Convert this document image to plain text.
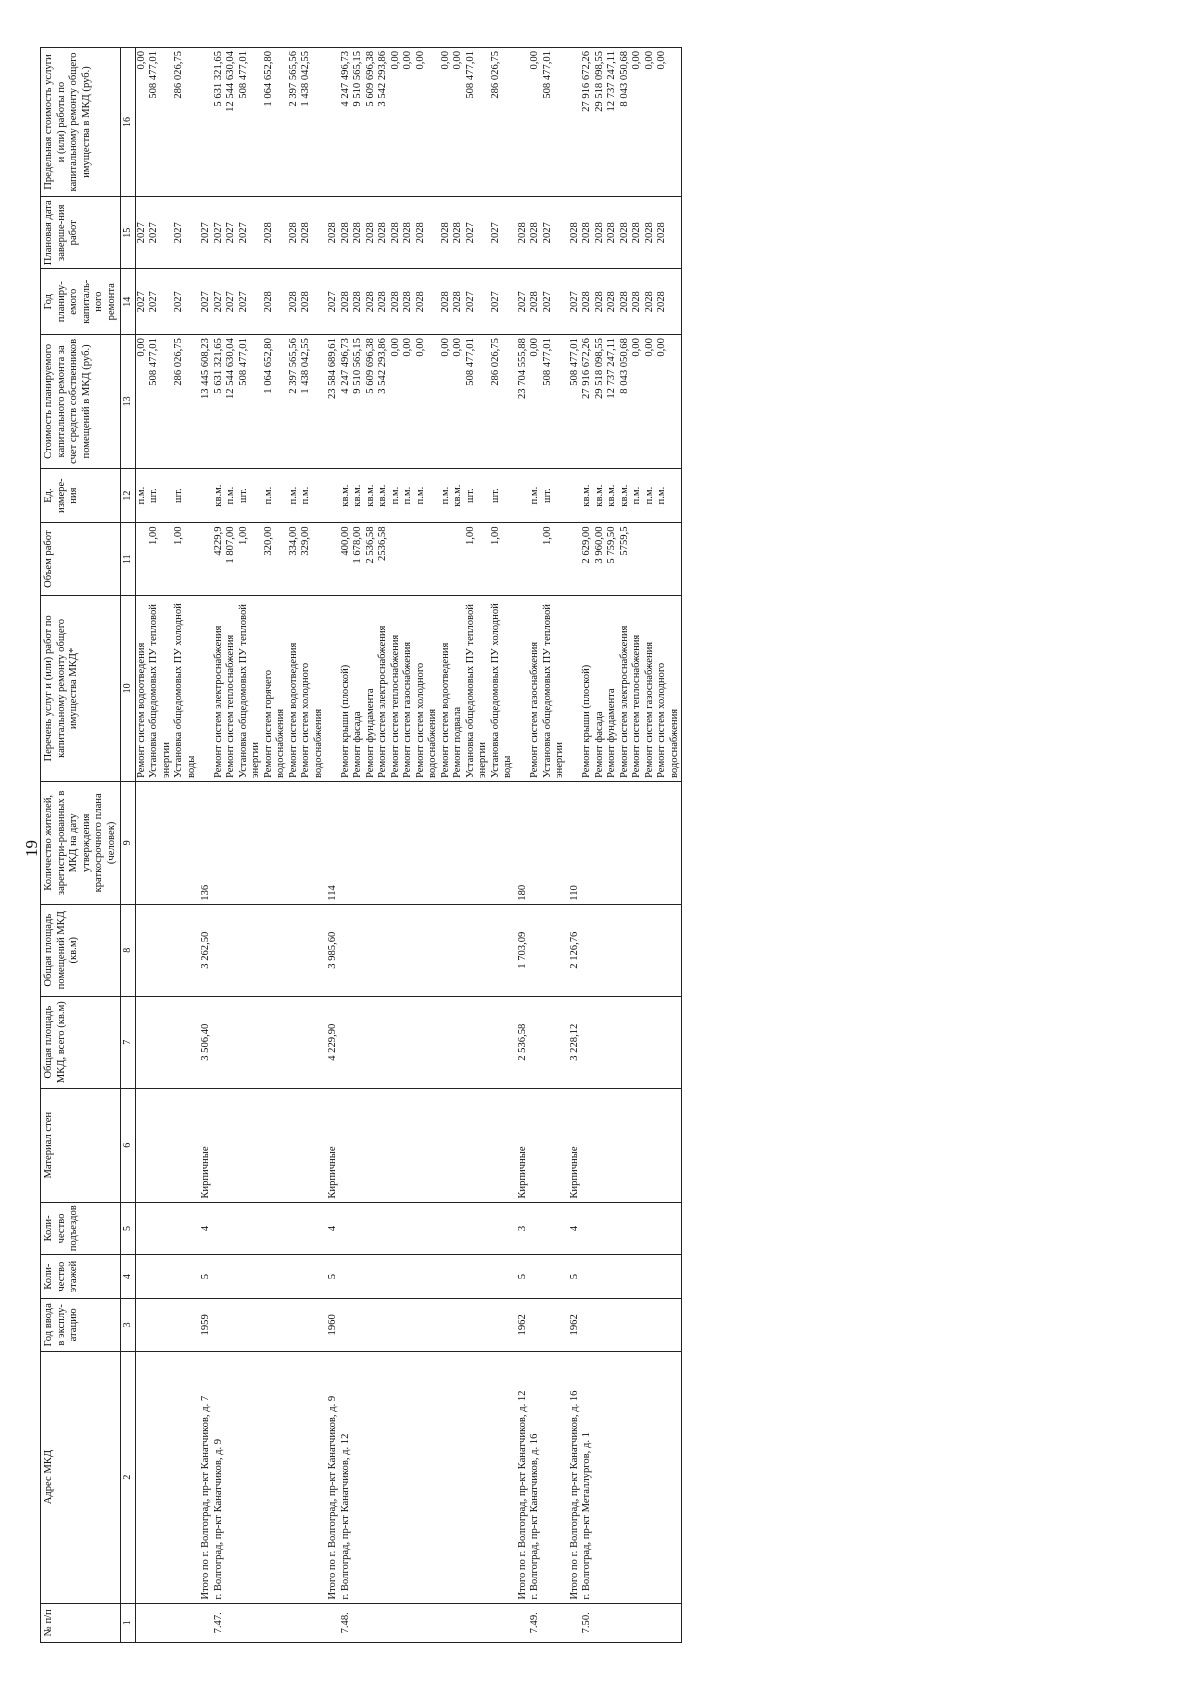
19
№ п/п	Адрес МКД	Год ввода в эксплу-атацию	Коли-чество этажей	Коли-чество подъездов	Материал стен	Общая площадь МКД, всего (кв.м)	Общая площадь помещений МКД (кв.м)	Количество жителей, зарегистри-рованных в МКД на дату утверждения краткосрочного плана (человек)	Перечень услуг и (или) работ по капитальному ремонту общего имущества МКД*	Объем работ	Ед. измере-ния	Стоимость планируемого капитального ремонта за счет средств собственников помещений в МКД (руб.)	Год планиру-емого капиталь-ного ремонта	Плановая дата заверше-ния работ	Предельная стоимость услуги и (или) работы по капитальному ремонту общего имущества в МКД (руб.)
1	2	3	4	5	6	7	8	9	10	11	12	13	14	15	16
									Ремонт систем водоотведения		п.м.	0,00	2027	2027	0,00
									Установка общедомовых ПУ тепловой энергии	1,00	шт.	508 477,01	2027	2027	508 477,01
									Установка общедомовых ПУ холодной воды	1,00	шт.	286 026,75	2027	2027	286 026,75
	Итого по г. Волгоград, пр-кт Канатчиков, д. 7	1959	5	4	Кирпичные	3 506,40	3 262,50	136				13 445 608,23	2027	2027	
7.47.	г. Волгоград, пр-кт Канатчиков, д. 9								Ремонт систем электроснабжения	4229,9	кв.м.	5 631 321,65	2027	2027	5 631 321,65
									Ремонт систем теплоснабжения	1 807,00	п.м.	12 544 630,04	2027	2027	12 544 630,04
									Установка общедомовых ПУ тепловой энергии	1,00	шт.	508 477,01	2027	2027	508 477,01
									Ремонт систем горячего водоснабжения	320,00	п.м.	1 064 652,80	2028	2028	1 064 652,80
									Ремонт систем водоотведения	334,00	п.м.	2 397 565,56	2028	2028	2 397 565,56
									Ремонт систем холодного водоснабжения	329,00	п.м.	1 438 042,55	2028	2028	1 438 042,55
	Итого по г. Волгоград, пр-кт Канатчиков, д. 9	1960	5	4	Кирпичные	4 229,90	3 985,60	114				23 584 689,61	2027	2028	
7.48.	г. Волгоград, пр-кт Канатчиков, д. 12								Ремонт крыши (плоской)	400,00	кв.м.	4 247 496,73	2028	2028	4 247 496,73
									Ремонт фасада	1 678,00	кв.м.	9 510 565,15	2028	2028	9 510 565,15
									Ремонт фундамента	2 536,58	кв.м.	5 609 696,38	2028	2028	5 609 696,38
									Ремонт систем электроснабжения	2536,58	кв.м.	3 542 293,86	2028	2028	3 542 293,86
									Ремонт систем теплоснабжения		п.м.	0,00	2028	2028	0,00
									Ремонт систем газоснабжения		п.м.	0,00	2028	2028	0,00
									Ремонт систем холодного водоснабжения		п.м.	0,00	2028	2028	0,00
									Ремонт систем водоотведения		п.м.	0,00	2028	2028	0,00
									Ремонт подвала		кв.м.	0,00	2028	2028	0,00
									Установка общедомовых ПУ тепловой энергии	1,00	шт.	508 477,01	2027	2027	508 477,01
									Установка общедомовых ПУ холодной воды	1,00	шт.	286 026,75	2027	2027	286 026,75
	Итого по г. Волгоград, пр-кт Канатчиков, д. 12	1962	5	3	Кирпичные	2 536,58	1 703,09	180				23 704 555,88	2027	2028	
7.49.	г. Волгоград, пр-кт Канатчиков, д. 16								Ремонт систем газоснабжения		п.м.	0,00	2028	2028	0,00
									Установка общедомовых ПУ тепловой энергии	1,00	шт.	508 477,01	2027	2027	508 477,01
	Итого по г. Волгоград, пр-кт Канатчиков, д. 16	1962	5	4	Кирпичные	3 228,12	2 126,76	110				508 477,01	2027	2028	
7.50.	г. Волгоград, пр-кт Металлургов, д. 1								Ремонт крыши (плоской)	2 629,00	кв.м.	27 916 672,26	2028	2028	27 916 672,26
									Ремонт фасада	3 960,00	кв.м.	29 518 098,55	2028	2028	29 518 098,55
									Ремонт фундамента	5 759,50	кв.м.	12 737 247,11	2028	2028	12 737 247,11
									Ремонт систем электроснабжения	5759,5	кв.м.	8 043 050,68	2028	2028	8 043 050,68
									Ремонт систем теплоснабжения		п.м.	0,00	2028	2028	0,00
									Ремонт систем газоснабжения		п.м.	0,00	2028	2028	0,00
									Ремонт систем холодного водоснабжения		п.м.	0,00	2028	2028	0,00
